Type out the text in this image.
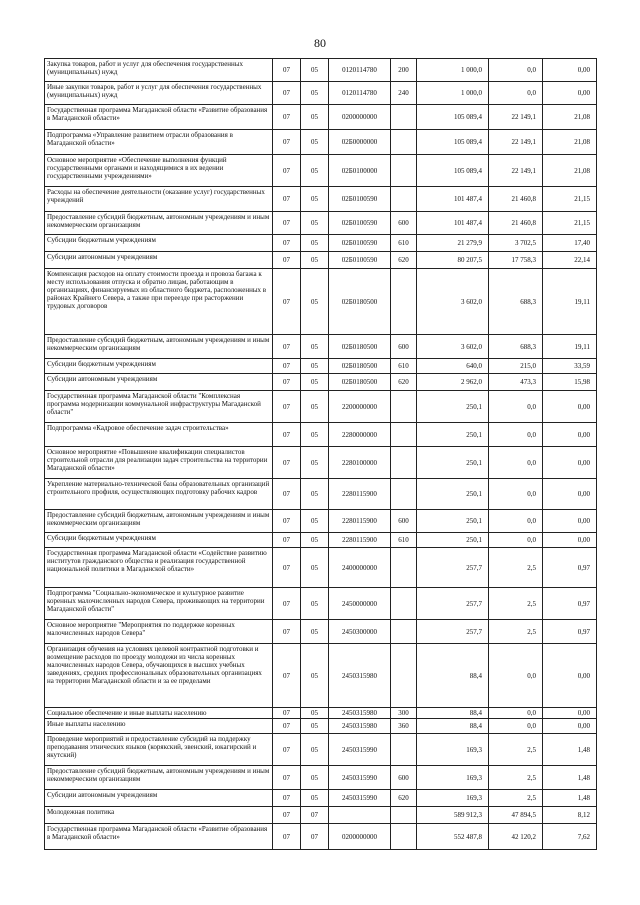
80
Закупка товаров, работ и услуг для обеспечения государственных (муниципальных) нужд	07	05	0120114780	200	1 000,0	0,0	0,00
Иные закупки товаров, работ и услуг для обеспечения государственных (муниципальных) нужд	07	05	0120114780	240	1 000,0	0,0	0,00
Государственная программа Магаданской области «Развитие образования в Магаданской области»	07	05	0200000000		105 089,4	22 149,1	21,08
Подпрограмма «Управление развитием отрасли образования в Магаданской области»	07	05	02Б0000000		105 089,4	22 149,1	21,08
Основное мероприятие «Обеспечение выполнения функций государственными органами и находящимися в их ведении государственными учреждениями»	07	05	02Б0100000		105 089,4	22 149,1	21,08
Расходы на обеспечение деятельности (оказание услуг) государственных учреждений	07	05	02Б0100590		101 487,4	21 460,8	21,15
Предоставление субсидий бюджетным, автономным учреждениям и иным некоммерческим организациям	07	05	02Б0100590	600	101 487,4	21 460,8	21,15
Субсидии бюджетным учреждениям	07	05	02Б0100590	610	21 279,9	3 702,5	17,40
Субсидии автономным учреждениям	07	05	02Б0100590	620	80 207,5	17 758,3	22,14
Компенсация расходов на оплату стоимости проезда и провоза багажа к месту использования отпуска и обратно лицам, работающим в организациях, финансируемых из областного бюджета, расположенных в районах Крайнего Севера, а также при переезде при расторжении трудовых договоров	07	05	02Б0180500		3 602,0	688,3	19,11
Предоставление субсидий бюджетным, автономным учреждениям и иным некоммерческим организациям	07	05	02Б0180500	600	3 602,0	688,3	19,11
Субсидии бюджетным учреждениям	07	05	02Б0180500	610	640,0	215,0	33,59
Субсидии автономным учреждениям	07	05	02Б0180500	620	2 962,0	473,3	15,98
Государственная программа Магаданской области "Комплексная программа модернизации коммунальной инфраструктуры Магаданской области"	07	05	2200000000		250,1	0,0	0,00
Подпрограмма «Кадровое обеспечение задач строительства»	07	05	2280000000		250,1	0,0	0,00
Основное мероприятие «Повышение квалификации специалистов строительной отрасли для реализации задач строительства на территории Магаданской области»	07	05	2280100000		250,1	0,0	0,00
Укрепление материально-технической базы образовательных организаций строительного профиля, осуществляющих подготовку рабочих кадров	07	05	2280115900		250,1	0,0	0,00
Предоставление субсидий бюджетным, автономным учреждениям и иным некоммерческим организациям	07	05	2280115900	600	250,1	0,0	0,00
Субсидии бюджетным учреждениям	07	05	2280115900	610	250,1	0,0	0,00
Государственная программа Магаданской области «Содействие развитию институтов гражданского общества и реализация государственной национальной политики в Магаданской области»	07	05	2400000000		257,7	2,5	0,97
Подпрограмма "Социально-экономическое и культурное развитие коренных малочисленных народов Севера, проживающих на территории Магаданской области"	07	05	2450000000		257,7	2,5	0,97
Основное мероприятие "Мероприятия по поддержке коренных малочисленных народов Севера"	07	05	2450300000		257,7	2,5	0,97
Организация обучения на условиях целевой контрактной подготовки и возмещение расходов по проезду молодежи из числа коренных малочисленных народов Севера, обучающихся в высших учебных заведениях, средних профессиональных образовательных организациях на территории Магаданской области и за ее пределами	07	05	2450315980		88,4	0,0	0,00
Социальное обеспечение и иные выплаты населению	07	05	2450315980	300	88,4	0,0	0,00
Иные выплаты населению	07	05	2450315980	360	88,4	0,0	0,00
Проведение мероприятий и предоставление субсидий на поддержку преподавания этнических языков (корякский, эвенский, юкагирский и якутский)	07	05	2450315990		169,3	2,5	1,48
Предоставление субсидий бюджетным, автономным учреждениям и иным некоммерческим организациям	07	05	2450315990	600	169,3	2,5	1,48
Субсидии автономным учреждениям	07	05	2450315990	620	169,3	2,5	1,48
Молодежная политика	07	07			589 912,3	47 894,5	8,12
Государственная программа Магаданской области «Развитие образования в Магаданской области»	07	07	0200000000		552 487,8	42 120,2	7,62
